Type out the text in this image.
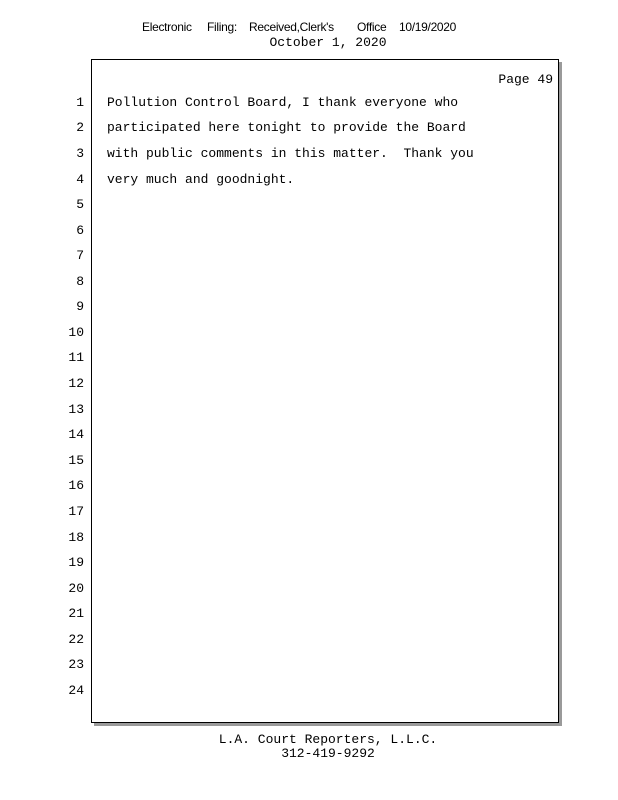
Electronic Filing: Received,Clerk's Office 10/19/2020
October 1, 2020
Page 49
1
2
3
4
5
6
7
8
9
10
11
12
13
14
15
16
17
18
19
20
21
22
23
24
Pollution Control Board, I thank everyone who
participated here tonight to provide the Board
with public comments in this matter.  Thank you
very much and goodnight.
L.A. Court Reporters, L.L.C.
312-419-9292
